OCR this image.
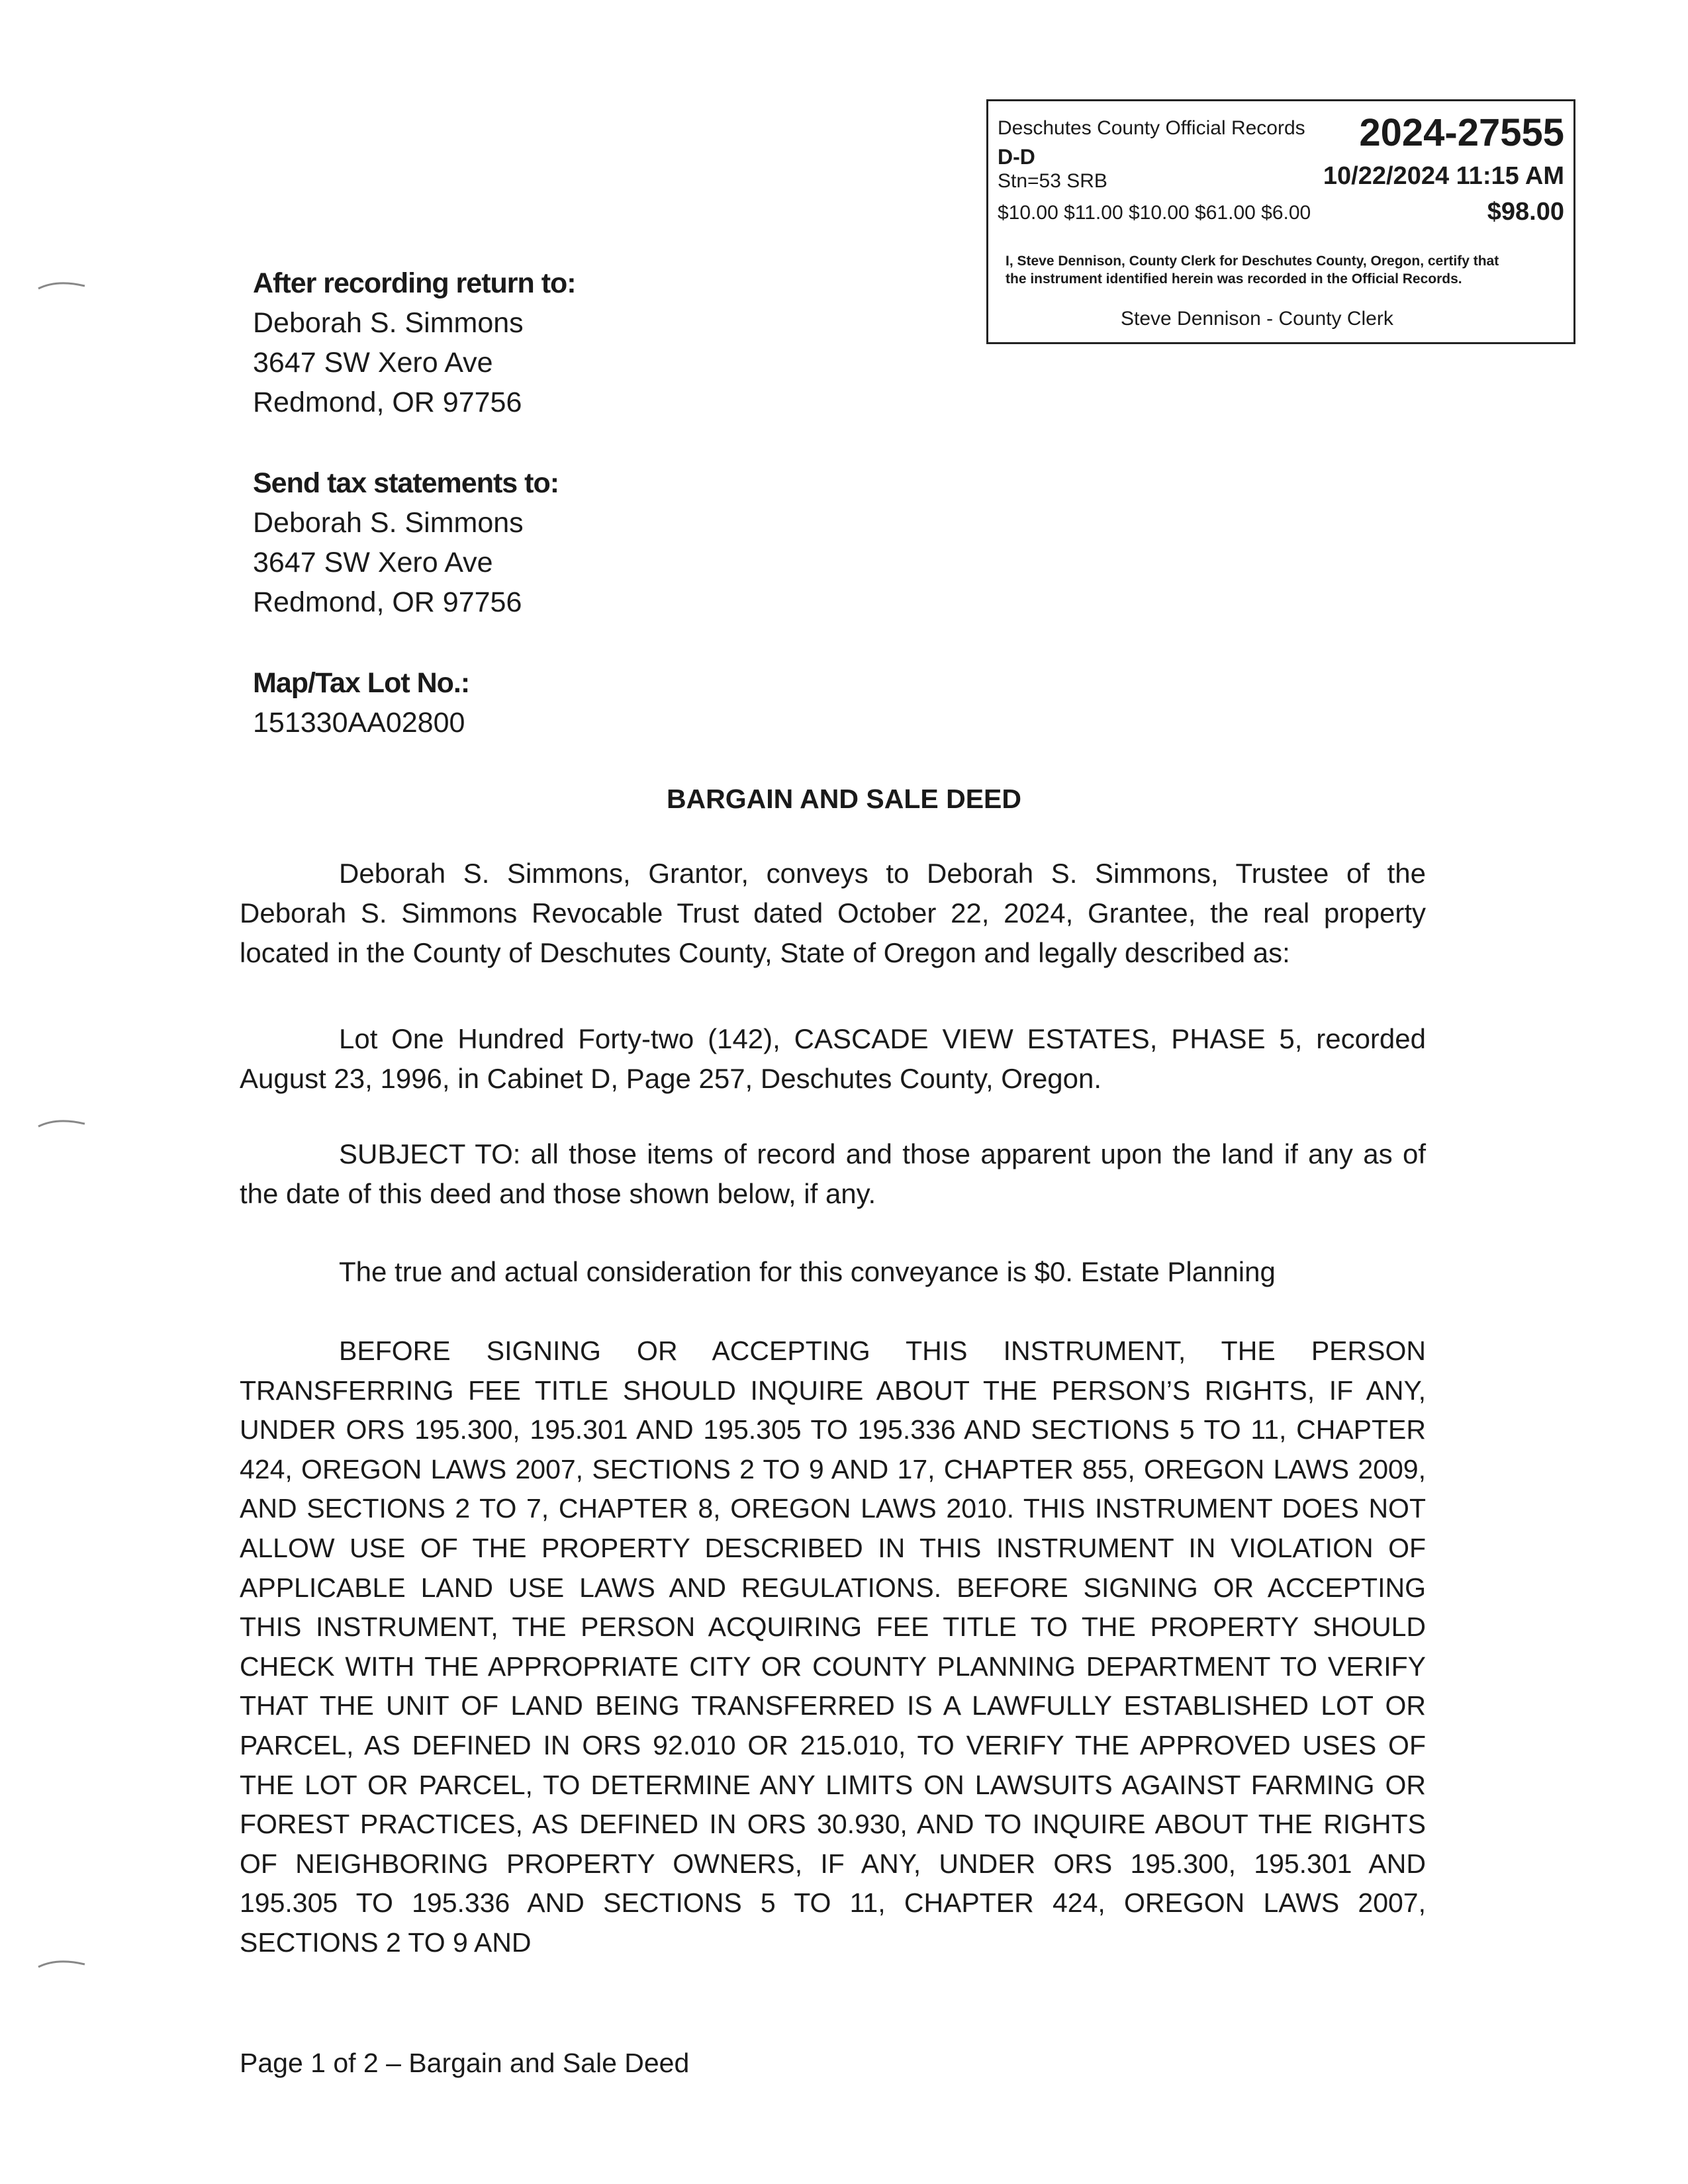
Deschutes County Official Records 2024-27555
D-D
Stn=53 SRB	10/22/2024 11:15 AM
$10.00 $11.00 $10.00 $61.00 $6.00	$98.00
I, Steve Dennison, County Clerk for Deschutes County, Oregon, certify that the instrument identified herein was recorded in the Official Records.
Steve Dennison - County Clerk
After recording return to:
Deborah S. Simmons
3647 SW Xero Ave
Redmond, OR 97756
Send tax statements to:
Deborah S. Simmons
3647 SW Xero Ave
Redmond, OR 97756
Map/Tax Lot No.:
151330AA02800
BARGAIN AND SALE DEED
Deborah S. Simmons, Grantor, conveys to Deborah S. Simmons, Trustee of the Deborah S. Simmons Revocable Trust dated October 22, 2024, Grantee, the real property located in the County of Deschutes County, State of Oregon and legally described as:
Lot One Hundred Forty-two (142), CASCADE VIEW ESTATES, PHASE 5, recorded August 23, 1996, in Cabinet D, Page 257, Deschutes County, Oregon.
SUBJECT TO: all those items of record and those apparent upon the land if any as of the date of this deed and those shown below, if any.
The true and actual consideration for this conveyance is $0. Estate Planning

BEFORE SIGNING OR ACCEPTING THIS INSTRUMENT, THE PERSON TRANSFERRING FEE TITLE SHOULD INQUIRE ABOUT THE PERSON’S RIGHTS, IF ANY, UNDER ORS 195.300, 195.301 AND 195.305 TO 195.336 AND SECTIONS 5 TO 11, CHAPTER 424, OREGON LAWS 2007, SECTIONS 2 TO 9 AND 17, CHAPTER 855, OREGON LAWS 2009, AND SECTIONS 2 TO 7, CHAPTER 8, OREGON LAWS 2010. THIS INSTRUMENT DOES NOT ALLOW USE OF THE PROPERTY DESCRIBED IN THIS INSTRUMENT IN VIOLATION OF APPLICABLE LAND USE LAWS AND REGULATIONS. BEFORE SIGNING OR ACCEPTING THIS INSTRUMENT, THE PERSON ACQUIRING FEE TITLE TO THE PROPERTY SHOULD CHECK WITH THE APPROPRIATE CITY OR COUNTY PLANNING DEPARTMENT TO VERIFY THAT THE UNIT OF LAND BEING TRANSFERRED IS A LAWFULLY ESTABLISHED LOT OR PARCEL, AS DEFINED IN ORS 92.010 OR 215.010, TO VERIFY THE APPROVED USES OF THE LOT OR PARCEL, TO DETERMINE ANY LIMITS ON LAWSUITS AGAINST FARMING OR FOREST PRACTICES, AS DEFINED IN ORS 30.930, AND TO INQUIRE ABOUT THE RIGHTS OF NEIGHBORING PROPERTY OWNERS, IF ANY, UNDER ORS 195.300, 195.301 AND 195.305 TO 195.336 AND SECTIONS 5 TO 11, CHAPTER 424, OREGON LAWS 2007, SECTIONS 2 TO 9 AND

Page 1 of 2 – Bargain and Sale Deed
